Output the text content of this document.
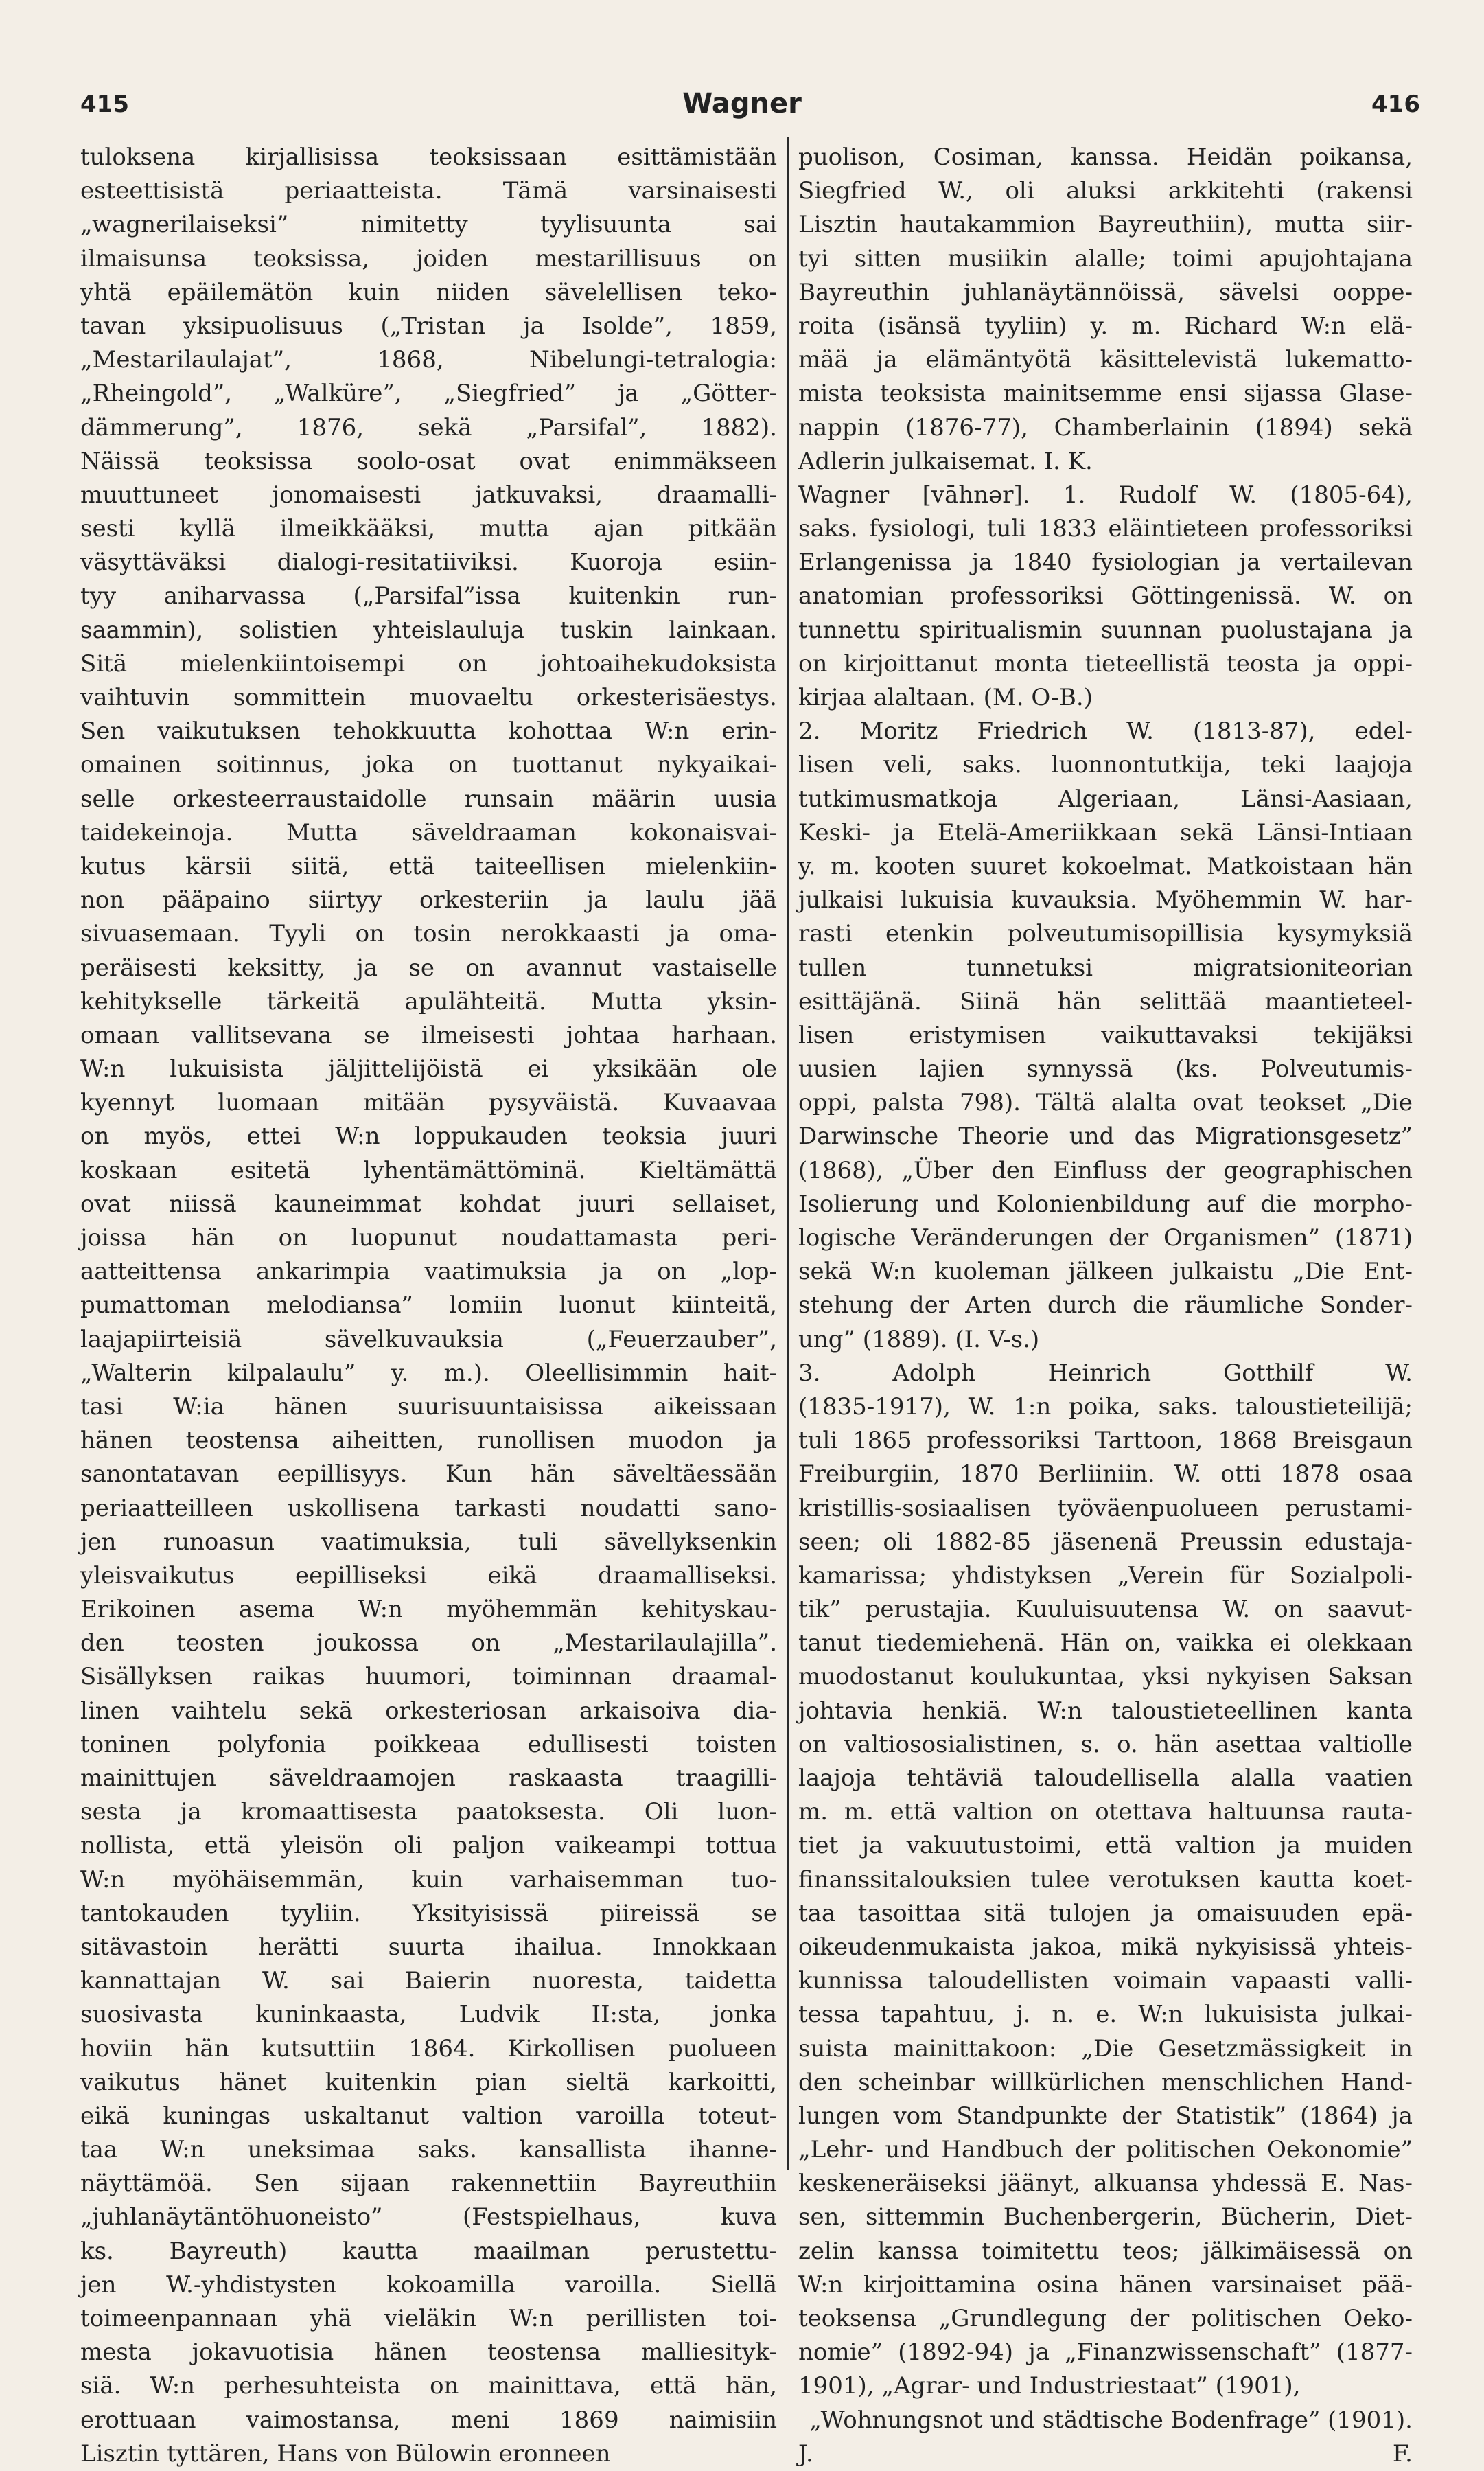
415	Wagner	416
tuloksena kirjallisissa teoksissaan esittämistään
esteettisistä periaatteista. Tämä varsinaisesti
„wagnerilaiseksi” nimitetty tyylisuunta sai
ilmaisunsa teoksissa, joiden mestarillisuus on
yhtä epäilemätön kuin niiden sävelellisen teko-
tavan yksipuolisuus („Tristan ja Isolde”, 1859,
„Mestarilaulajat”, 1868, Nibelungi-tetralogia:
„Rheingold”, „Walküre”, „Siegfried” ja „Götter-
dämmerung”, 1876, sekä „Parsifal”, 1882).
Näissä teoksissa soolo-osat ovat enimmäkseen
muuttuneet jonomaisesti jatkuvaksi, draamalli-
sesti kyllä ilmeikkääksi, mutta ajan pitkään
väsyttäväksi dialogi-resitatiiviksi. Kuoroja esiin-
tyy aniharvassa („Parsifal”issa kuitenkin run-
saammin), solistien yhteislauluja tuskin lainkaan.
Sitä mielenkiintoisempi on johtoaihekudoksista
vaihtuvin sommittein muovaeltu orkesterisäestys.
Sen vaikutuksen tehokkuutta kohottaa W:n erin-
omainen soitinnus, joka on tuottanut nykyaikai-
selle orkesteerraustaidolle runsain määrin uusia
taidekeinoja. Mutta säveldraaman kokonaisvai-
kutus kärsii siitä, että taiteellisen mielenkiin-
non pääpaino siirtyy orkesteriin ja laulu jää
sivuasemaan. Tyyli on tosin nerokkaasti ja oma-
peräisesti keksitty, ja se on avannut vastaiselle
kehitykselle tärkeitä apulähteitä. Mutta yksin-
omaan vallitsevana se ilmeisesti johtaa harhaan.
W:n lukuisista jäljittelijöistä ei yksikään ole
kyennyt luomaan mitään pysyväistä. Kuvaavaa
on myös, ettei W:n loppukauden teoksia juuri
koskaan esitetä lyhentämättöminä. Kieltämättä
ovat niissä kauneimmat kohdat juuri sellaiset,
joissa hän on luopunut noudattamasta peri-
aatteittensa ankarimpia vaatimuksia ja on „lop-
pumattoman melodiansa” lomiin luonut kiinteitä,
laajapiirteisiä sävelkuvauksia („Feuerzauber”,
„Walterin kilpalaulu” y. m.). Oleellisimmin hait-
tasi W:ia hänen suurisuuntaisissa aikeissaan
hänen teostensa aiheitten, runollisen muodon ja
sanontatavan eepillisyys. Kun hän säveltäessään
periaatteilleen uskollisena tarkasti noudatti sano-
jen runoasun vaatimuksia, tuli sävellyksenkin
yleisvaikutus eepilliseksi eikä draamalliseksi.
Erikoinen asema W:n myöhemmän kehityskau-
den teosten joukossa on „Mestarilaulajilla”.
Sisällyksen raikas huumori, toiminnan draamal-
linen vaihtelu sekä orkesteriosan arkaisoiva dia-
toninen polyfonia poikkeaa edullisesti toisten
mainittujen säveldraamojen raskaasta traagilli-
sesta ja kromaattisesta paatoksesta. Oli luon-
nollista, että yleisön oli paljon vaikeampi tottua
W:n myöhäisemmän, kuin varhaisemman tuo-
tantokauden tyyliin. Yksityisissä piireissä se
sitävastoin herätti suurta ihailua. Innokkaan
kannattajan W. sai Baierin nuoresta, taidetta
suosivasta kuninkaasta, Ludvik II:sta, jonka
hoviin hän kutsuttiin 1864. Kirkollisen puolueen
vaikutus hänet kuitenkin pian sieltä karkoitti,
eikä kuningas uskaltanut valtion varoilla toteut-
taa W:n uneksimaa saks. kansallista ihanne-
näyttämöä. Sen sijaan rakennettiin Bayreuthiin
„juhlanäytäntöhuoneisto” (Festspielhaus, kuva
ks. Bayreuth) kautta maailman perustettu-
jen W.-yhdistysten kokoamilla varoilla. Siellä
toimeenpannaan yhä vieläkin W:n perillisten toi-
mesta jokavuotisia hänen teostensa malliesityk-
siä. W:n perhesuhteista on mainittava, että hän,
erottuaan vaimostansa, meni 1869 naimisiin
Lisztin tyttären, Hans von Bülowin eronneen
puolison, Cosiman, kanssa. Heidän poikansa,
Siegfried W., oli aluksi arkkitehti (rakensi
Lisztin hautakammion Bayreuthiin), mutta siir-
tyi sitten musiikin alalle; toimi apujohtajana
Bayreuthin juhlanäytännöissä, sävelsi ooppe-
roita (isänsä tyyliin) y. m. Richard W:n elä-
mää ja elämäntyötä käsittelevistä lukematto-
mista teoksista mainitsemme ensi sijassa Glase-
nappin (1876-77), Chamberlainin (1894) sekä
Adlerin julkaisemat. I. K.
Wagner [vāhnər]. 1. Rudolf W. (1805-64),
saks. fysiologi, tuli 1833 eläintieteen professoriksi
Erlangenissa ja 1840 fysiologian ja vertailevan
anatomian professoriksi Göttingenissä. W. on
tunnettu spiritualismin suunnan puolustajana ja
on kirjoittanut monta tieteellistä teosta ja oppi-
kirjaa alaltaan. (M. O-B.)
2. Moritz Friedrich W. (1813-87), edel-
lisen veli, saks. luonnontutkija, teki laajoja
tutkimusmatkoja Algeriaan, Länsi-Aasiaan,
Keski- ja Etelä-Ameriikkaan sekä Länsi-Intiaan
y. m. kooten suuret kokoelmat. Matkoistaan hän
julkaisi lukuisia kuvauksia. Myöhemmin W. har-
rasti etenkin polveutumisopillisia kysymyksiä
tullen tunnetuksi migratsioniteorian
esittäjänä. Siinä hän selittää maantieteel-
lisen eristymisen vaikuttavaksi tekijäksi
uusien lajien synnyssä (ks. Polveutumis-
oppi, palsta 798). Tältä alalta ovat teokset „Die
Darwinsche Theorie und das Migrationsgesetz”
(1868), „Über den Einfluss der geographischen
Isolierung und Kolonienbildung auf die morpho-
logische Veränderungen der Organismen” (1871)
sekä W:n kuoleman jälkeen julkaistu „Die Ent-
stehung der Arten durch die räumliche Sonder-
ung” (1889). (I. V-s.)
3. Adolph Heinrich Gotthilf W.
(1835-1917), W. 1:n poika, saks. taloustieteilijä;
tuli 1865 professoriksi Tarttoon, 1868 Breisgaun
Freiburgiin, 1870 Berliiniin. W. otti 1878 osaa
kristillis-sosiaalisen työväenpuolueen perustami-
seen; oli 1882-85 jäsenenä Preussin edustaja-
kamarissa; yhdistyksen „Verein für Sozialpoli-
tik” perustajia. Kuuluisuutensa W. on saavut-
tanut tiedemiehenä. Hän on, vaikka ei olekkaan
muodostanut koulukuntaa, yksi nykyisen Saksan
johtavia henkiä. W:n taloustieteellinen kanta
on valtiososialistinen, s. o. hän asettaa valtiolle
laajoja tehtäviä taloudellisella alalla vaatien
m. m. että valtion on otettava haltuunsa rauta-
tiet ja vakuutustoimi, että valtion ja muiden
finanssitalouksien tulee verotuksen kautta koet-
taa tasoittaa sitä tulojen ja omaisuuden epä-
oikeudenmukaista jakoa, mikä nykyisissä yhteis-
kunnissa taloudellisten voimain vapaasti valli-
tessa tapahtuu, j. n. e. W:n lukuisista julkai-
suista mainittakoon: „Die Gesetzmässigkeit in
den scheinbar willkürlichen menschlichen Hand-
lungen vom Standpunkte der Statistik” (1864) ja
„Lehr- und Handbuch der politischen Oekonomie”
keskeneräiseksi jäänyt, alkuansa yhdessä E. Nas-
sen, sittemmin Buchenbergerin, Bücherin, Diet-
zelin kanssa toimitettu teos; jälkimäisessä on
W:n kirjoittamina osina hänen varsinaiset pää-
teoksensa „Grundlegung der politischen Oeko-
nomie” (1892-94) ja „Finanzwissenschaft” (1877-
1901), „Agrar- und Industriestaat” (1901),
„Wohnungsnot und städtische Bodenfrage” (1901).
J. F.
